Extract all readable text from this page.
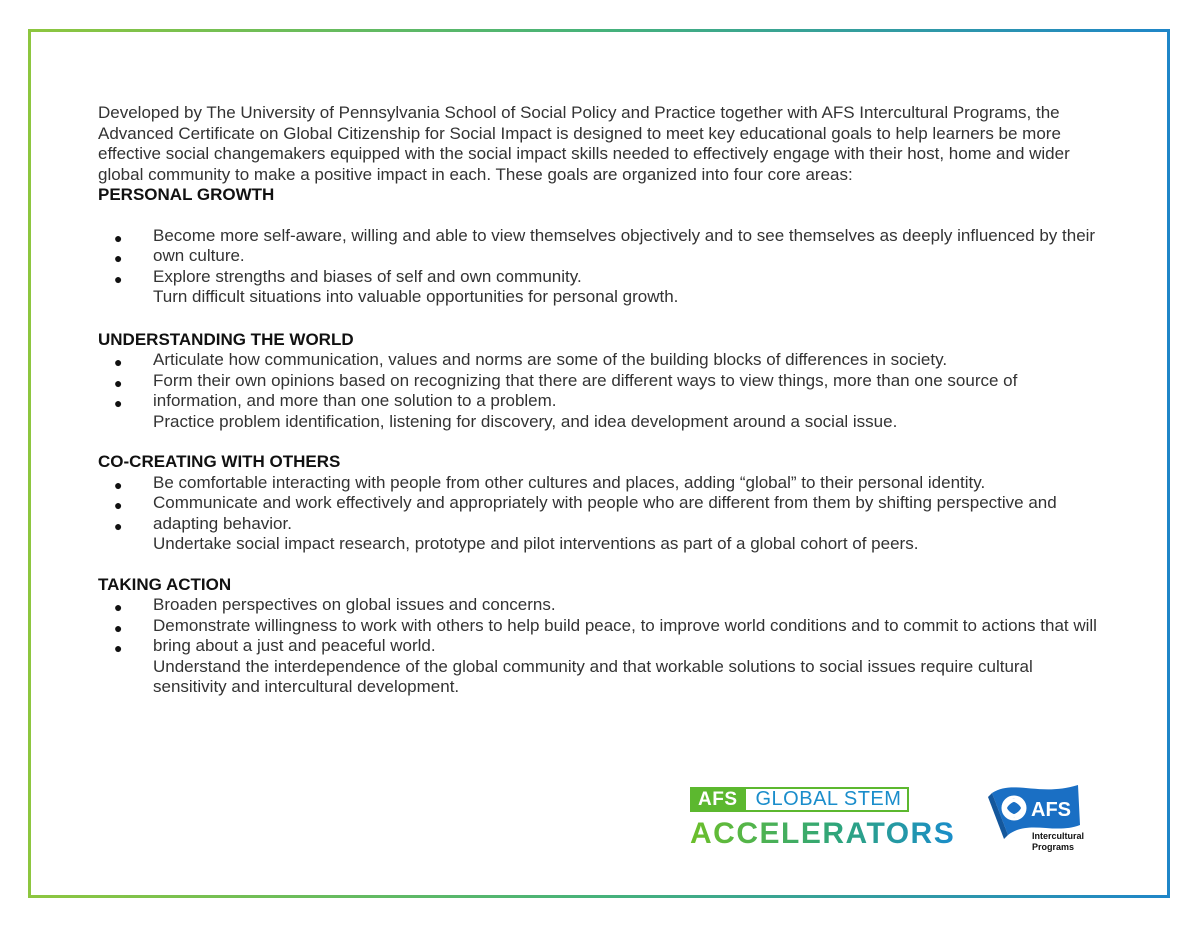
Developed by The University of Pennsylvania School of Social Policy and Practice together with AFS Intercultural Programs, the Advanced Certificate on Global Citizenship for Social Impact is designed to meet key educational goals to help learners be more effective social changemakers equipped with the social impact skills needed to effectively engage with their host, home and wider global community to make a positive impact in each. These goals are organized into four core areas:

PERSONAL GROWTH

●
●
●

Become more self-aware, willing and able to view themselves objectively and to see themselves as deeply influenced by their own culture.

Explore strengths and biases of self and own community.

Turn difficult situations into valuable opportunities for personal growth.

UNDERSTANDING THE WORLD

●
●
●

Articulate how communication, values and norms are some of the building blocks of differences in society.

Form their own opinions based on recognizing that there are different ways to view things, more than one source of information, and more than one solution to a problem.

Practice problem identification, listening for discovery, and idea development around a social issue.

CO-CREATING WITH OTHERS

●
●
●

Be comfortable interacting with people from other cultures and places, adding “global” to their personal identity.

Communicate and work effectively and appropriately with people who are different from them by shifting perspective and adapting behavior.

Undertake social impact research, prototype and pilot interventions as part of a global cohort of peers.

TAKING ACTION

●
●
●

Broaden perspectives on global issues and concerns.

Demonstrate willingness to work with others to help build peace, to improve world conditions and to commit to actions that will bring about a just and peaceful world.

Understand the interdependence of the global community and that workable solutions to social issues require cultural sensitivity and intercultural development.

AFS GLOBAL STEM
ACCELERATORS
AFS
Intercultural
Programs
